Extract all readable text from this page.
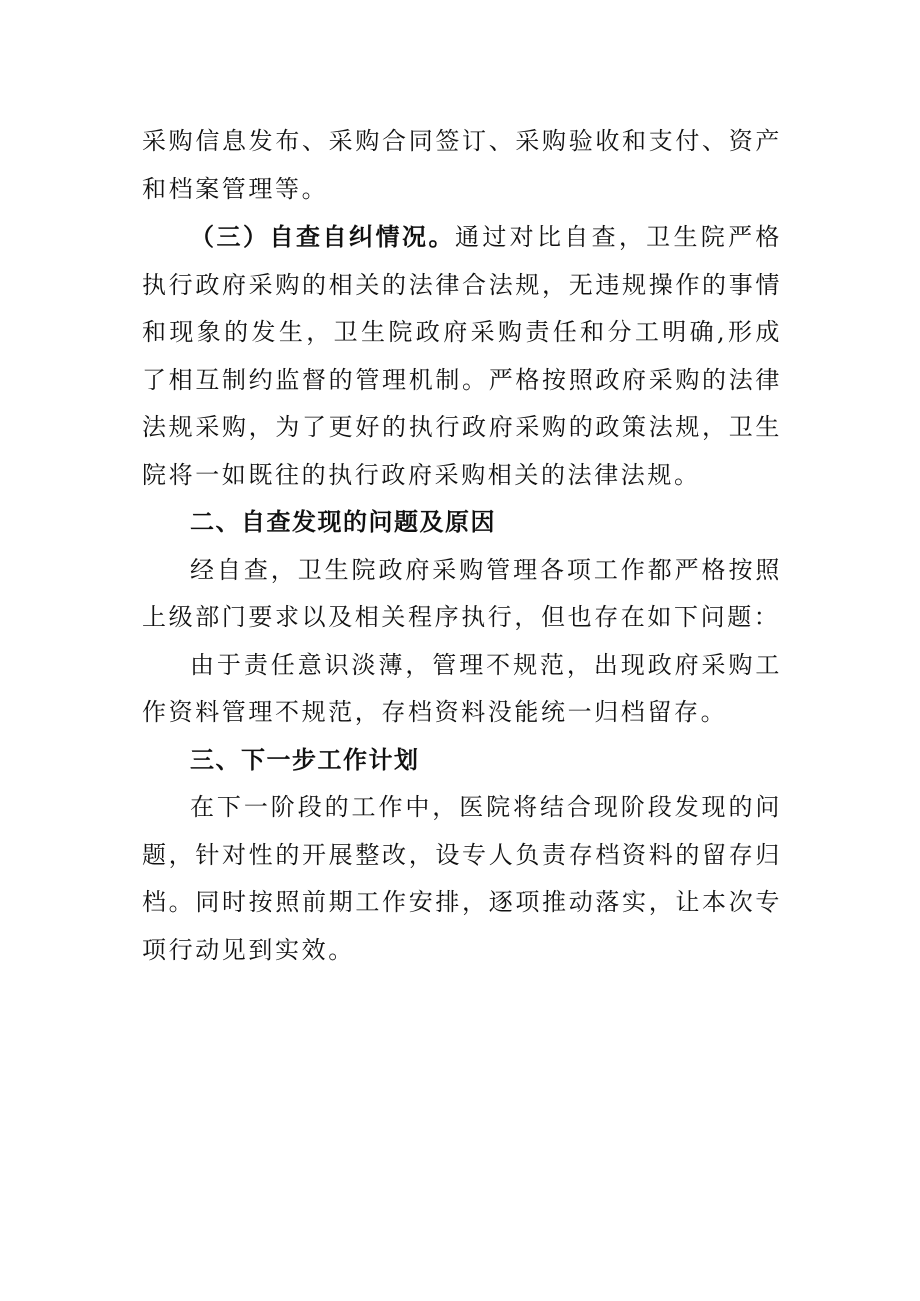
采购信息发布、采购合同签订、采购验收和支付、资产和档案管理等。

（三）自查自纠情况。通过对比自查，卫生院严格执行政府采购的相关的法律合法规，无违规操作的事情和现象的发生，卫生院政府采购责任和分工明确,形成了相互制约监督的管理机制。严格按照政府采购的法律法规采购，为了更好的执行政府采购的政策法规，卫生院将一如既往的执行政府采购相关的法律法规。

二、自查发现的问题及原因

经自查，卫生院政府采购管理各项工作都严格按照上级部门要求以及相关程序执行，但也存在如下问题：

由于责任意识淡薄，管理不规范，出现政府采购工作资料管理不规范，存档资料没能统一归档留存。

三、下一步工作计划

在下一阶段的工作中，医院将结合现阶段发现的问题，针对性的开展整改，设专人负责存档资料的留存归档。同时按照前期工作安排，逐项推动落实，让本次专项行动见到实效。
